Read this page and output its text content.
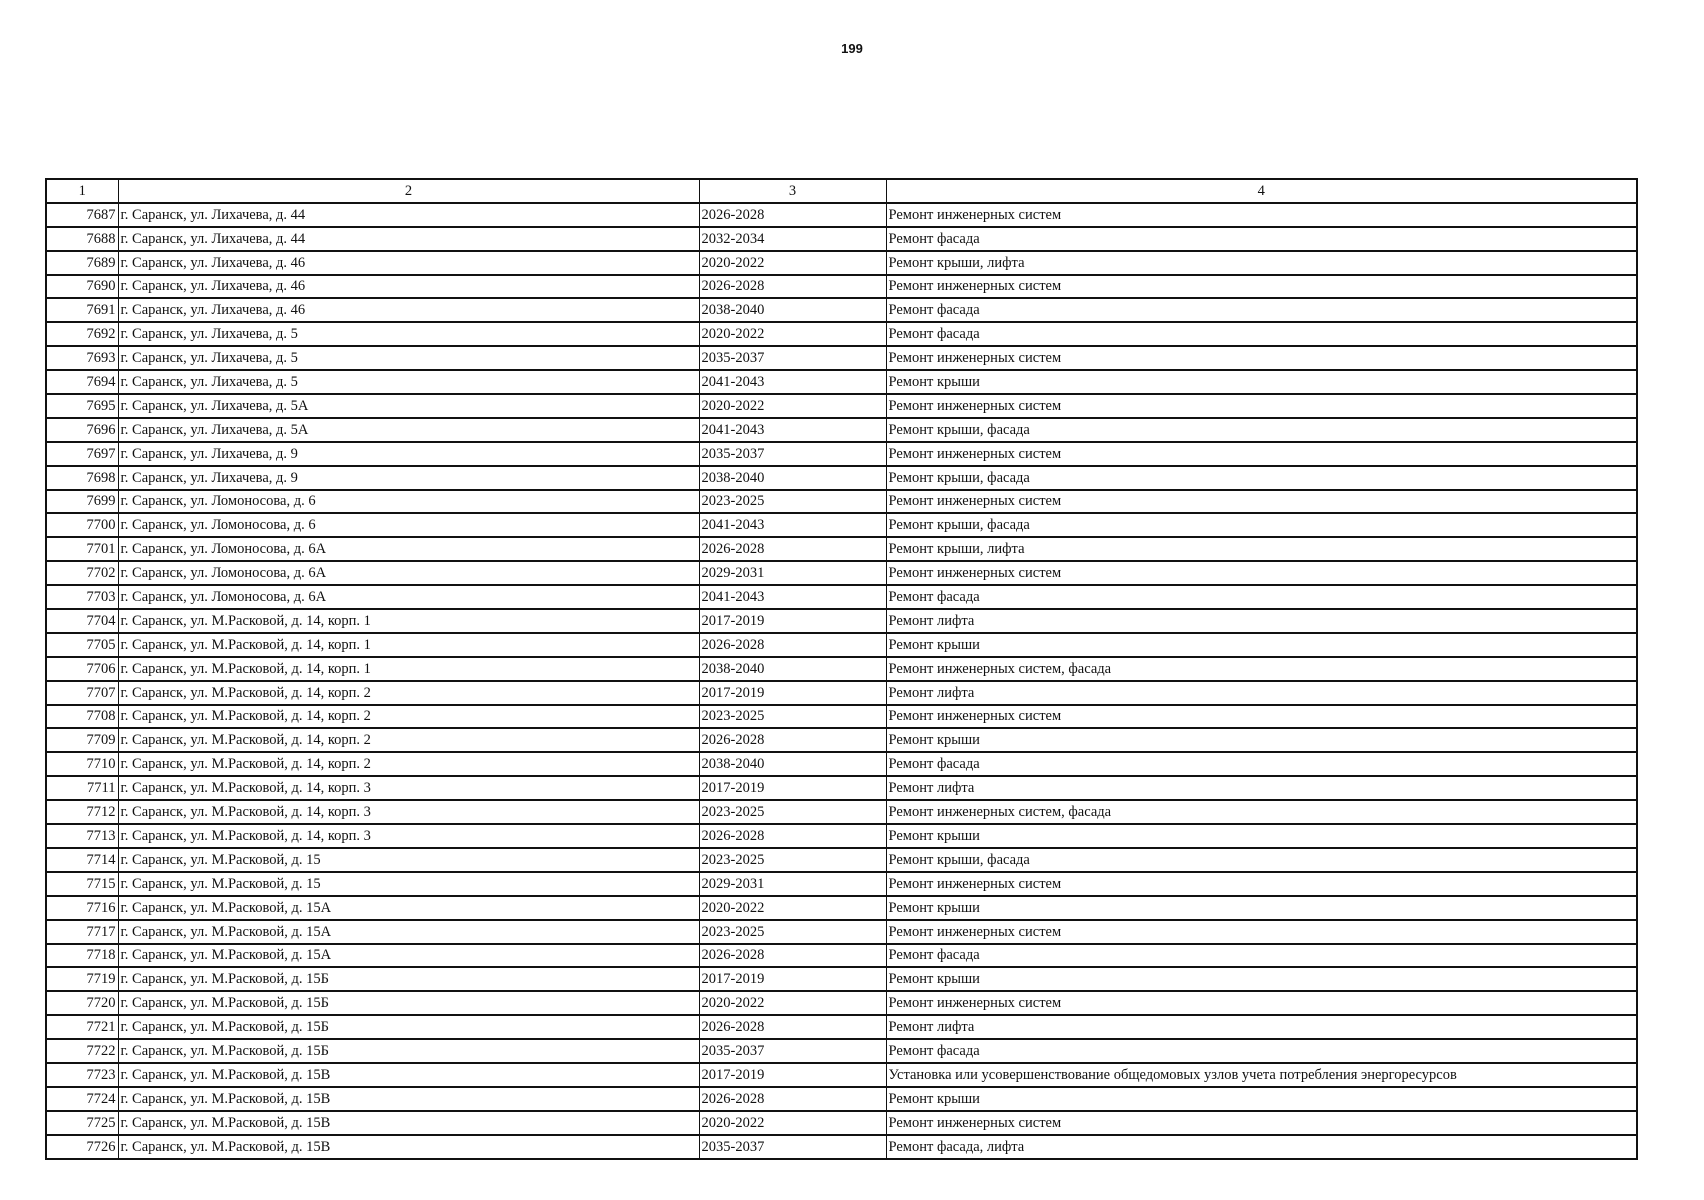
199
1	2	3	4
7687	г. Саранск, ул. Лихачева, д. 44	2026-2028	Ремонт инженерных систем
7688	г. Саранск, ул. Лихачева, д. 44	2032-2034	Ремонт фасада
7689	г. Саранск, ул. Лихачева, д. 46	2020-2022	Ремонт крыши, лифта
7690	г. Саранск, ул. Лихачева, д. 46	2026-2028	Ремонт инженерных систем
7691	г. Саранск, ул. Лихачева, д. 46	2038-2040	Ремонт фасада
7692	г. Саранск, ул. Лихачева, д. 5	2020-2022	Ремонт фасада
7693	г. Саранск, ул. Лихачева, д. 5	2035-2037	Ремонт инженерных систем
7694	г. Саранск, ул. Лихачева, д. 5	2041-2043	Ремонт крыши
7695	г. Саранск, ул. Лихачева, д. 5А	2020-2022	Ремонт инженерных систем
7696	г. Саранск, ул. Лихачева, д. 5А	2041-2043	Ремонт крыши, фасада
7697	г. Саранск, ул. Лихачева, д. 9	2035-2037	Ремонт инженерных систем
7698	г. Саранск, ул. Лихачева, д. 9	2038-2040	Ремонт крыши, фасада
7699	г. Саранск, ул. Ломоносова, д. 6	2023-2025	Ремонт инженерных систем
7700	г. Саранск, ул. Ломоносова, д. 6	2041-2043	Ремонт крыши, фасада
7701	г. Саранск, ул. Ломоносова, д. 6А	2026-2028	Ремонт крыши, лифта
7702	г. Саранск, ул. Ломоносова, д. 6А	2029-2031	Ремонт инженерных систем
7703	г. Саранск, ул. Ломоносова, д. 6А	2041-2043	Ремонт фасада
7704	г. Саранск, ул. М.Расковой, д. 14, корп. 1	2017-2019	Ремонт лифта
7705	г. Саранск, ул. М.Расковой, д. 14, корп. 1	2026-2028	Ремонт крыши
7706	г. Саранск, ул. М.Расковой, д. 14, корп. 1	2038-2040	Ремонт инженерных систем, фасада
7707	г. Саранск, ул. М.Расковой, д. 14, корп. 2	2017-2019	Ремонт лифта
7708	г. Саранск, ул. М.Расковой, д. 14, корп. 2	2023-2025	Ремонт инженерных систем
7709	г. Саранск, ул. М.Расковой, д. 14, корп. 2	2026-2028	Ремонт крыши
7710	г. Саранск, ул. М.Расковой, д. 14, корп. 2	2038-2040	Ремонт фасада
7711	г. Саранск, ул. М.Расковой, д. 14, корп. 3	2017-2019	Ремонт лифта
7712	г. Саранск, ул. М.Расковой, д. 14, корп. 3	2023-2025	Ремонт инженерных систем, фасада
7713	г. Саранск, ул. М.Расковой, д. 14, корп. 3	2026-2028	Ремонт крыши
7714	г. Саранск, ул. М.Расковой, д. 15	2023-2025	Ремонт крыши, фасада
7715	г. Саранск, ул. М.Расковой, д. 15	2029-2031	Ремонт инженерных систем
7716	г. Саранск, ул. М.Расковой, д. 15А	2020-2022	Ремонт крыши
7717	г. Саранск, ул. М.Расковой, д. 15А	2023-2025	Ремонт инженерных систем
7718	г. Саранск, ул. М.Расковой, д. 15А	2026-2028	Ремонт фасада
7719	г. Саранск, ул. М.Расковой, д. 15Б	2017-2019	Ремонт крыши
7720	г. Саранск, ул. М.Расковой, д. 15Б	2020-2022	Ремонт инженерных систем
7721	г. Саранск, ул. М.Расковой, д. 15Б	2026-2028	Ремонт лифта
7722	г. Саранск, ул. М.Расковой, д. 15Б	2035-2037	Ремонт фасада
7723	г. Саранск, ул. М.Расковой, д. 15В	2017-2019	Установка или усовершенствование общедомовых узлов учета потребления энергоресурсов
7724	г. Саранск, ул. М.Расковой, д. 15В	2026-2028	Ремонт крыши
7725	г. Саранск, ул. М.Расковой, д. 15В	2020-2022	Ремонт инженерных систем
7726	г. Саранск, ул. М.Расковой, д. 15В	2035-2037	Ремонт фасада, лифта
